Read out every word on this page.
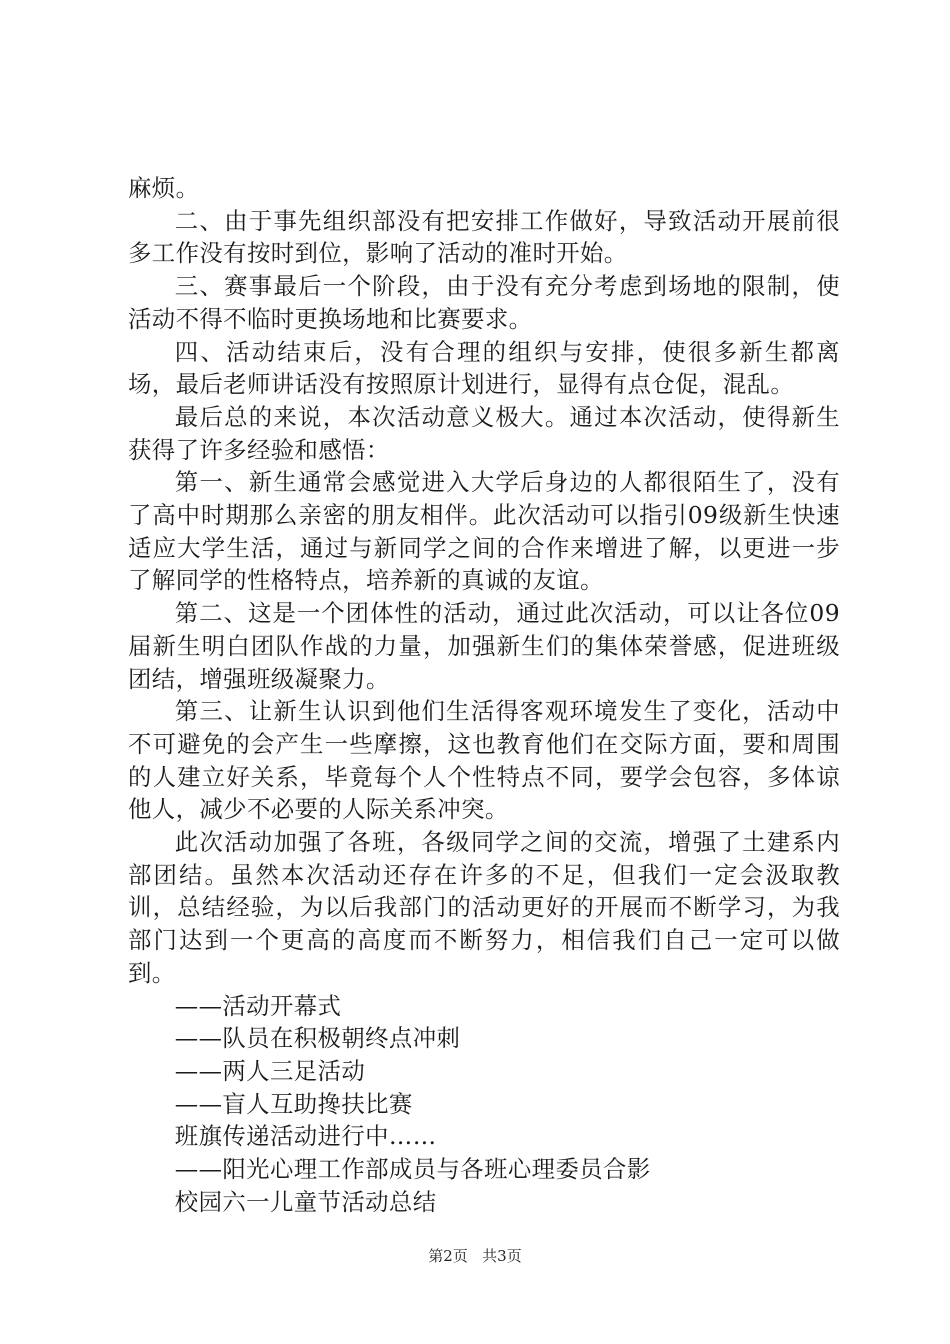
麻烦。

二、由于事先组织部没有把安排工作做好，导致活动开展前很多工作没有按时到位，影响了活动的准时开始。

三、赛事最后一个阶段，由于没有充分考虑到场地的限制，使活动不得不临时更换场地和比赛要求。

四、活动结束后，没有合理的组织与安排，使很多新生都离场，最后老师讲话没有按照原计划进行，显得有点仓促，混乱。

最后总的来说，本次活动意义极大。通过本次活动，使得新生获得了许多经验和感悟：

第一、新生通常会感觉进入大学后身边的人都很陌生了，没有了高中时期那么亲密的朋友相伴。此次活动可以指引09级新生快速适应大学生活，通过与新同学之间的合作来增进了解，以更进一步了解同学的性格特点，培养新的真诚的友谊。

第二、这是一个团体性的活动，通过此次活动，可以让各位09届新生明白团队作战的力量，加强新生们的集体荣誉感，促进班级团结，增强班级凝聚力。

第三、让新生认识到他们生活得客观环境发生了变化，活动中不可避免的会产生一些摩擦，这也教育他们在交际方面，要和周围的人建立好关系，毕竟每个人个性特点不同，要学会包容，多体谅他人，减少不必要的人际关系冲突。

此次活动加强了各班，各级同学之间的交流，增强了土建系内部团结。虽然本次活动还存在许多的不足，但我们一定会汲取教训，总结经验，为以后我部门的活动更好的开展而不断学习，为我部门达到一个更高的高度而不断努力，相信我们自己一定可以做到。

——活动开幕式

——队员在积极朝终点冲刺

——两人三足活动

——盲人互助搀扶比赛

班旗传递活动进行中……

——阳光心理工作部成员与各班心理委员合影

校园六一儿童节活动总结

第2页 共3页
